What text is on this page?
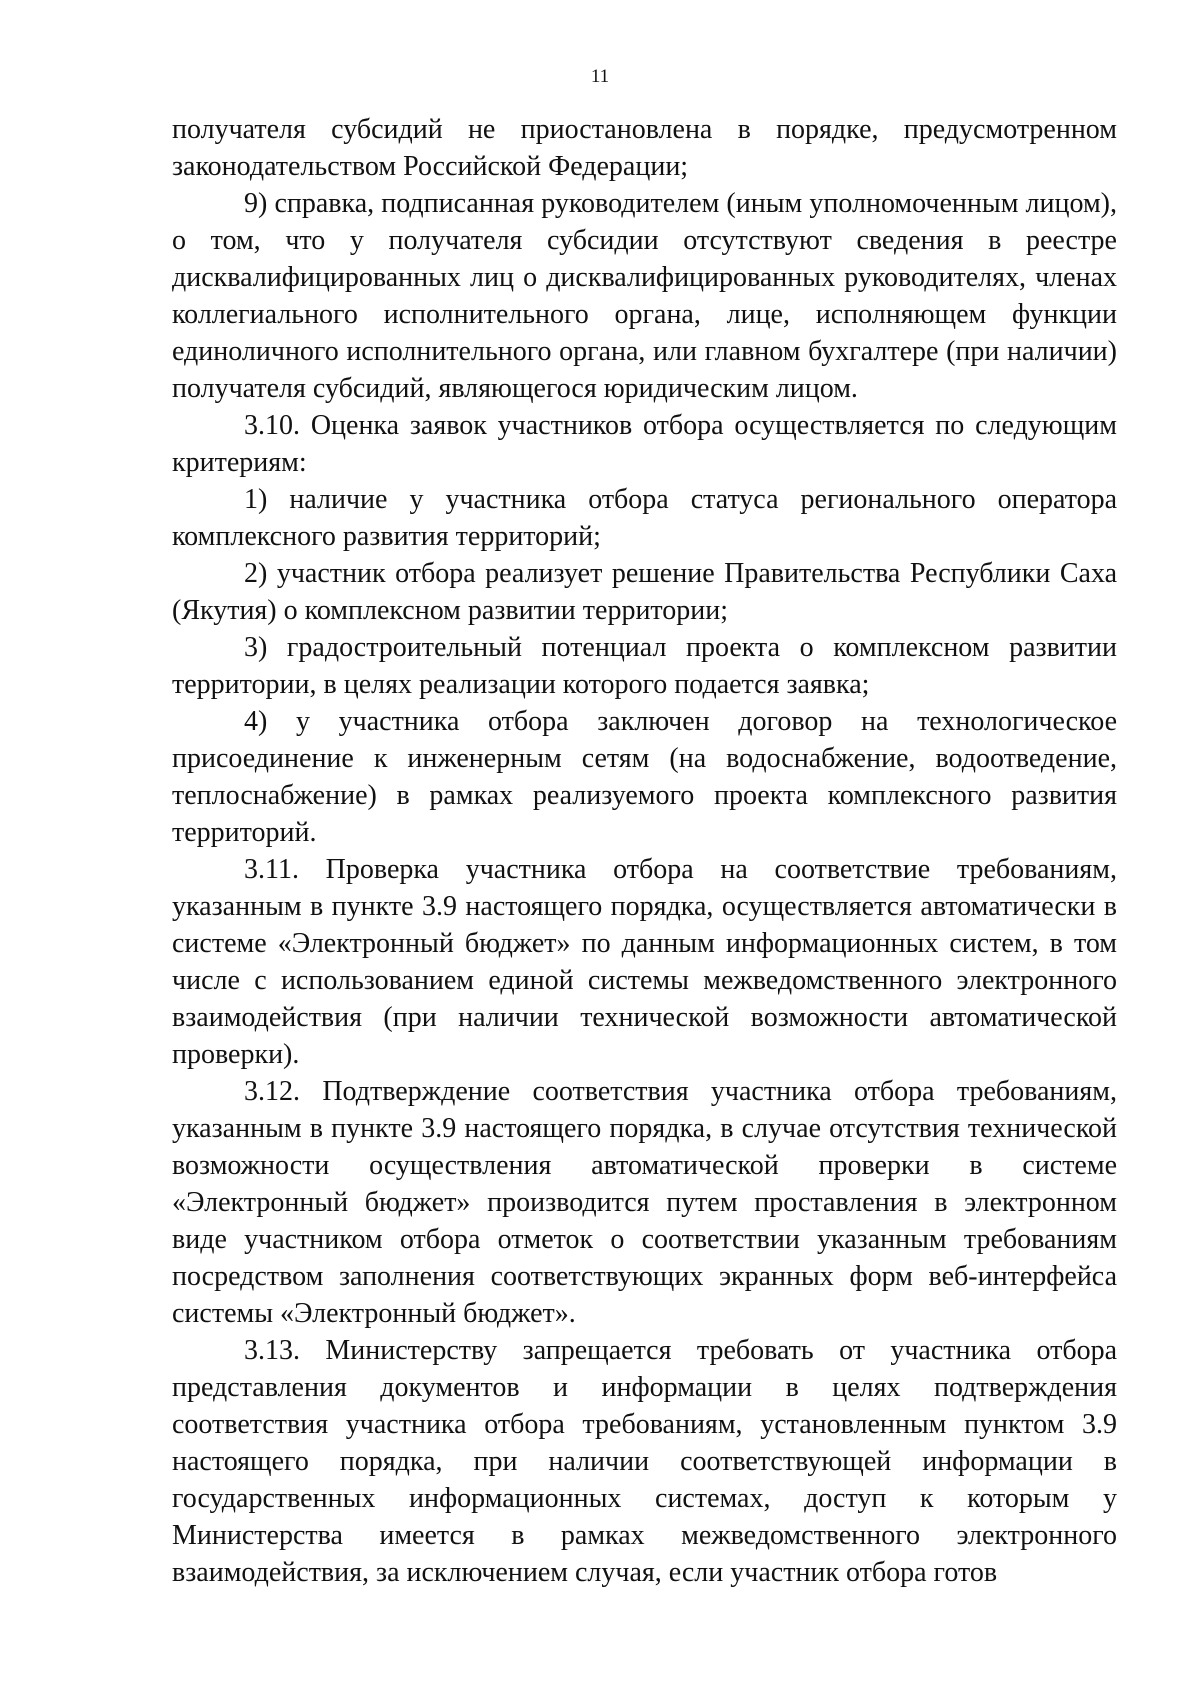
11

получателя субсидий не приостановлена в порядке, предусмотренном законодательством Российской Федерации;

9) справка, подписанная руководителем (иным уполномоченным лицом), о том, что у получателя субсидии отсутствуют сведения в реестре дисквалифицированных лиц о дисквалифицированных руководителях, членах коллегиального исполнительного органа, лице, исполняющем функции единоличного исполнительного органа, или главном бухгалтере (при наличии) получателя субсидий, являющегося юридическим лицом.

3.10. Оценка заявок участников отбора осуществляется по следующим критериям:

1) наличие у участника отбора статуса регионального оператора комплексного развития территорий;

2) участник отбора реализует решение Правительства Республики Саха (Якутия) о комплексном развитии территории;

3) градостроительный потенциал проекта о комплексном развитии территории, в целях реализации которого подается заявка;

4) у участника отбора заключен договор на технологическое присоединение к инженерным сетям (на водоснабжение, водоотведение, теплоснабжение) в рамках реализуемого проекта комплексного развития территорий.

3.11. Проверка участника отбора на соответствие требованиям, указанным в пункте 3.9 настоящего порядка, осуществляется автоматически в системе «Электронный бюджет» по данным информационных систем, в том числе с использованием единой системы межведомственного электронного взаимодействия (при наличии технической возможности автоматической проверки).

3.12. Подтверждение соответствия участника отбора требованиям, указанным в пункте 3.9 настоящего порядка, в случае отсутствия технической возможности осуществления автоматической проверки в системе «Электронный бюджет» производится путем проставления в электронном виде участником отбора отметок о соответствии указанным требованиям посредством заполнения соответствующих экранных форм веб-интерфейса системы «Электронный бюджет».

3.13. Министерству запрещается требовать от участника отбора представления документов и информации в целях подтверждения соответствия участника отбора требованиям, установленным пунктом 3.9 настоящего порядка, при наличии соответствующей информации в государственных информационных системах, доступ к которым у Министерства имеется в рамках межведомственного электронного взаимодействия, за исключением случая, если участник отбора готов
